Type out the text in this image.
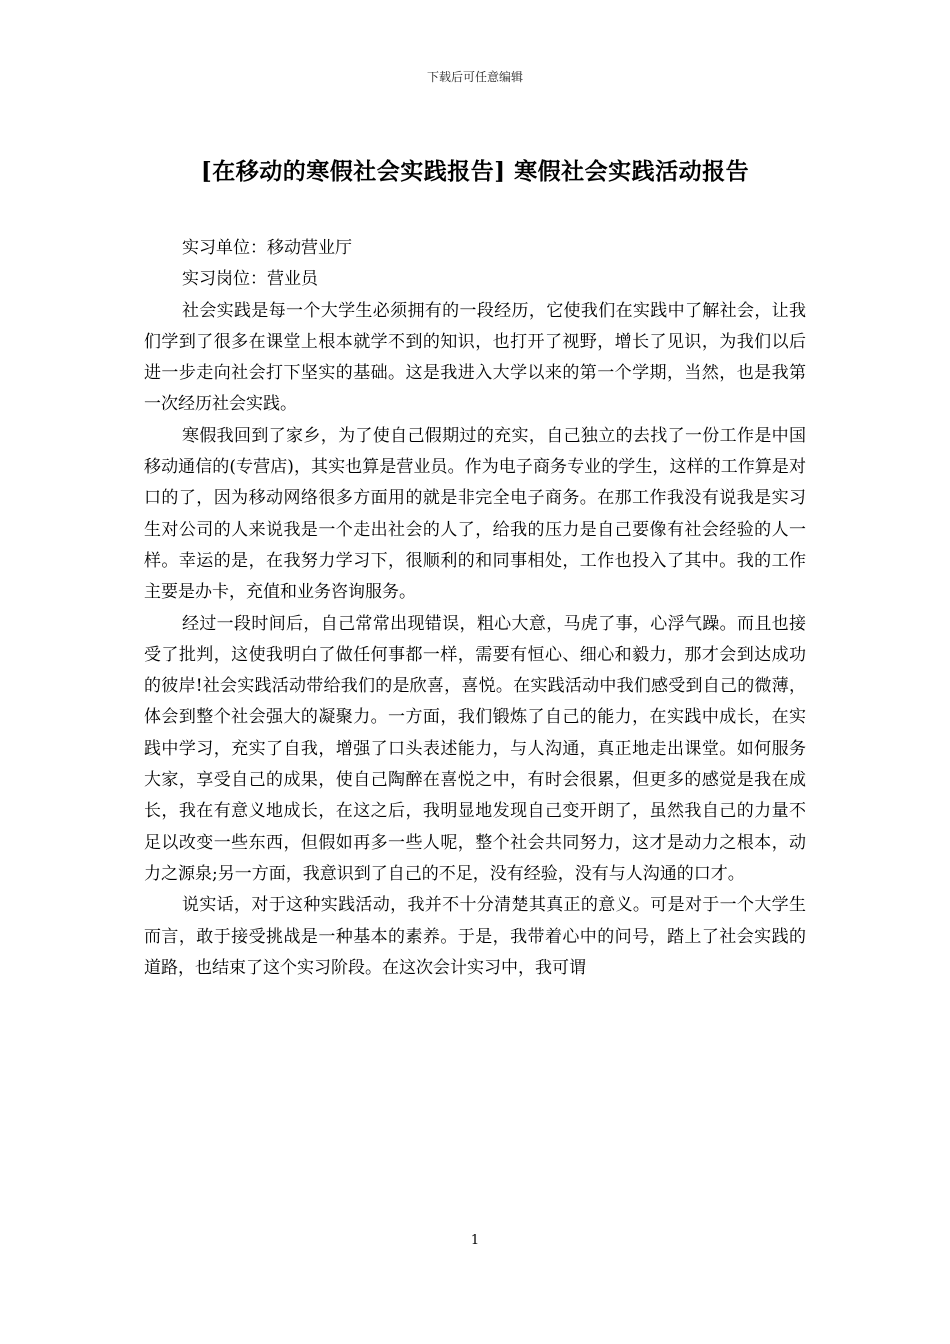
下载后可任意编辑
[在移动的寒假社会实践报告] 寒假社会实践活动报告

实习单位：移动营业厅

实习岗位：营业员

社会实践是每一个大学生必须拥有的一段经历，它使我们在实践中了解社会，让我们学到了很多在课堂上根本就学不到的知识，也打开了视野，增长了见识，为我们以后进一步走向社会打下坚实的基础。这是我进入大学以来的第一个学期，当然，也是我第一次经历社会实践。

寒假我回到了家乡，为了使自己假期过的充实，自己独立的去找了一份工作是中国移动通信的(专营店)，其实也算是营业员。作为电子商务专业的学生，这样的工作算是对口的了，因为移动网络很多方面用的就是非完全电子商务。在那工作我没有说我是实习生对公司的人来说我是一个走出社会的人了，给我的压力是自己要像有社会经验的人一样。幸运的是，在我努力学习下，很顺利的和同事相处，工作也投入了其中。我的工作主要是办卡，充值和业务咨询服务。

经过一段时间后，自己常常出现错误，粗心大意，马虎了事，心浮气躁。而且也接受了批判，这使我明白了做任何事都一样，需要有恒心、细心和毅力，那才会到达成功的彼岸!社会实践活动带给我们的是欣喜，喜悦。在实践活动中我们感受到自己的微薄，体会到整个社会强大的凝聚力。一方面，我们锻炼了自己的能力，在实践中成长，在实践中学习，充实了自我，增强了口头表述能力，与人沟通，真正地走出课堂。如何服务大家，享受自己的成果，使自己陶醉在喜悦之中，有时会很累，但更多的感觉是我在成长，我在有意义地成长，在这之后，我明显地发现自己变开朗了，虽然我自己的力量不足以改变一些东西，但假如再多一些人呢，整个社会共同努力，这才是动力之根本，动力之源泉;另一方面，我意识到了自己的不足，没有经验，没有与人沟通的口才。

说实话，对于这种实践活动，我并不十分清楚其真正的意义。可是对于一个大学生而言，敢于接受挑战是一种基本的素养。于是，我带着心中的问号，踏上了社会实践的道路，也结束了这个实习阶段。在这次会计实习中，我可谓

1
